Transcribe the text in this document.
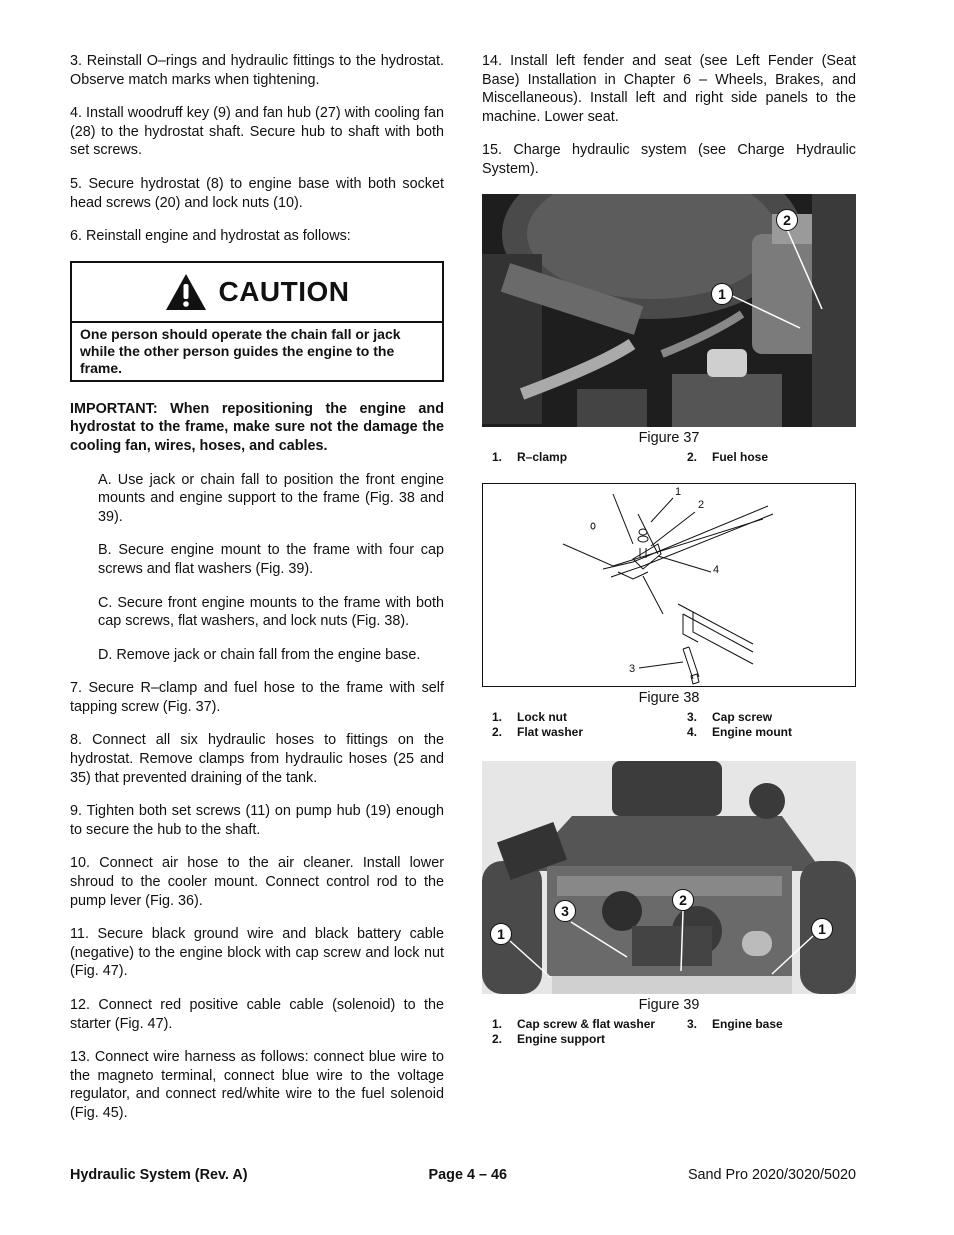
3. Reinstall O–rings and hydraulic fittings to the hydrostat. Observe match marks when tightening.

4. Install woodruff key (9) and fan hub (27) with cooling fan (28) to the hydrostat shaft. Secure hub to shaft with both set screws.

5. Secure hydrostat (8) to engine base with both socket head screws (20) and lock nuts (10).

6. Reinstall engine and hydrostat as follows:

CAUTION
One person should operate the chain fall or jack while the other person guides the engine to the frame.

IMPORTANT: When repositioning the engine and hydrostat to the frame, make sure not the damage the cooling fan, wires, hoses, and cables.

A. Use jack or chain fall to position the front engine mounts and engine support to the frame (Fig. 38 and 39).

B. Secure engine mount to the frame with four cap screws and flat washers (Fig. 39).

C. Secure front engine mounts to the frame with both cap screws, flat washers, and lock nuts (Fig. 38).

D. Remove jack or chain fall from the engine base.

7. Secure R–clamp and fuel hose to the frame with self tapping screw (Fig. 37).

8. Connect all six hydraulic hoses to fittings on the hydrostat. Remove clamps from hydraulic hoses (25 and 35) that prevented draining of the tank.

9. Tighten both set screws (11) on pump hub (19) enough to secure the hub to the shaft.

10. Connect air hose to the air cleaner. Install lower shroud to the cooler mount. Connect control rod to the pump lever (Fig. 36).

11. Secure black ground wire and black battery cable (negative) to the engine block with cap screw and lock nut (Fig. 47).

12. Connect red positive cable cable (solenoid) to the starter (Fig. 47).

13. Connect wire harness as follows: connect blue wire to the magneto terminal, connect blue wire to the voltage regulator, and connect red/white wire to the fuel solenoid (Fig. 45).

14. Install left fender and seat (see Left Fender (Seat Base) Installation in Chapter 6 – Wheels, Brakes, and Miscellaneous). Install left and right side panels to the machine. Lower seat.

15. Charge hydraulic system (see Charge Hydraulic System).

1
2
Figure 37
1.	R–clamp	2.	Fuel hose
1
2
3
4
Figure 38
1.	Lock nut	3.	Cap screw
2.	Flat washer	4.	Engine mount
1
2
3
1
Figure 39
1.	Cap screw & flat washer	3.	Engine base
2.	Engine support
Hydraulic System (Rev. A)	Page 4 – 46	Sand Pro 2020/3020/5020
